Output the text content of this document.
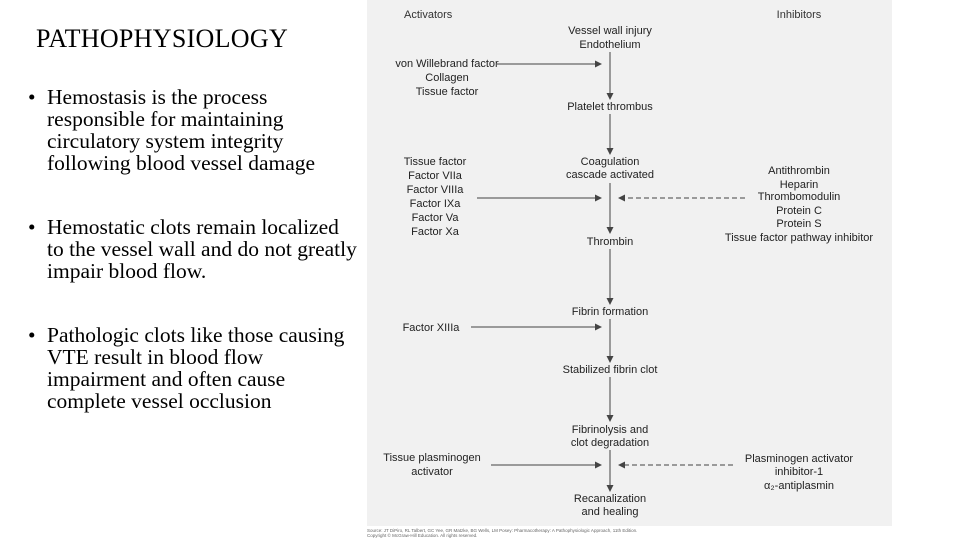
PATHOPHYSIOLOGY
• Hemostasis is the process responsible for maintaining circulatory system integrity following blood vessel damage
• Hemostatic clots remain localized to the vessel wall and do not greatly impair blood flow.
• Pathologic clots like those causing VTE result in blood flow impairment and often cause complete vessel occlusion
Activators	Inhibitors
Vessel wall injury
Endothelium
Platelet thrombus
Coagulation
cascade activated
Thrombin
Fibrin formation
Stabilized fibrin clot
Fibrinolysis and
clot degradation
Recanalization
and healing
von Willebrand factor
Collagen
Tissue factor
Tissue factor
Factor VIIa
Factor VIIIa
Factor IXa
Factor Va
Factor Xa
Factor XIIIa
Tissue plasminogen
activator
Antithrombin
Heparin
Thrombomodulin
Protein C
Protein S
Tissue factor pathway inhibitor
Plasminogen activator
inhibitor-1
α₂-antiplasmin
Source: JT DiPiro, RL Talbert, GC Yee, GR Matzke, BG Wells, LM Posey: Pharmacotherapy: A Pathophysiologic Approach, 11th Edition.
Copyright © McGraw-Hill Education. All rights reserved.
